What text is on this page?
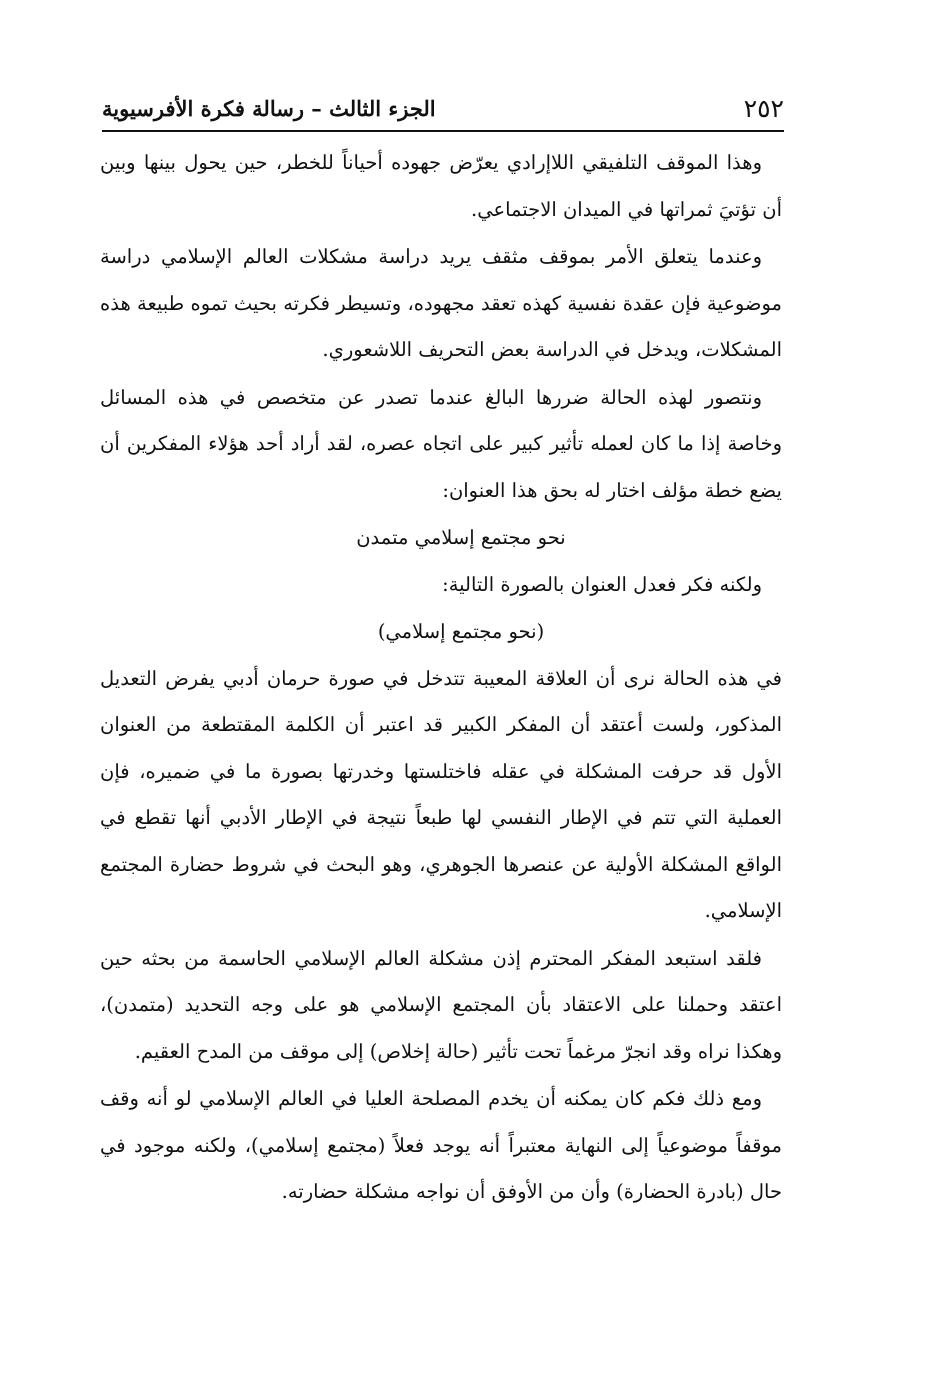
٢٥٢
الجزء الثالث – رسالة فكرة الأفرسيوية

وهذا الموقف التلفيقي اللاإرادي يعرّض جهوده أحياناً للخطر، حين يحول بينها وبين أن تؤتيَ ثمراتها في الميدان الاجتماعي.

وعندما يتعلق الأمر بموقف مثقف يريد دراسة مشكلات العالم الإسلامي دراسة موضوعية فإن عقدة نفسية كهذه تعقد مجهوده، وتسيطر فكرته بحيث تموه طبيعة هذه المشكلات، ويدخل في الدراسة بعض التحريف اللاشعوري.

ونتصور لهذه الحالة ضررها البالغ عندما تصدر عن متخصص في هذه المسائل وخاصة إذا ما كان لعمله تأثير كبير على اتجاه عصره، لقد أراد أحد هؤلاء المفكرين أن يضع خطة مؤلف اختار له بحق هذا العنوان:

نحو مجتمع إسلامي متمدن

ولكنه فكر فعدل العنوان بالصورة التالية:

(نحو مجتمع إسلامي)

في هذه الحالة نرى أن العلاقة المعيبة تتدخل في صورة حرمان أدبي يفرض التعديل المذكور، ولست أعتقد أن المفكر الكبير قد اعتبر أن الكلمة المقتطعة من العنوان الأول قد حرفت المشكلة في عقله فاختلستها وخدرتها بصورة ما في ضميره، فإن العملية التي تتم في الإطار النفسي لها طبعاً نتيجة في الإطار الأدبي أنها تقطع في الواقع المشكلة الأولية عن عنصرها الجوهري، وهو البحث في شروط حضارة المجتمع الإسلامي.

فلقد استبعد المفكر المحترم إذن مشكلة العالم الإسلامي الحاسمة من بحثه حين اعتقد وحملنا على الاعتقاد بأن المجتمع الإسلامي هو على وجه التحديد (متمدن)، وهكذا نراه وقد انجرّ مرغماً تحت تأثير (حالة إخلاص) إلى موقف من المدح العقيم.

ومع ذلك فكم كان يمكنه أن يخدم المصلحة العليا في العالم الإسلامي لو أنه وقف موقفاً موضوعياً إلى النهاية معتبراً أنه يوجد فعلاً (مجتمع إسلامي)، ولكنه موجود في حال (بادرة الحضارة) وأن من الأوفق أن نواجه مشكلة حضارته.
